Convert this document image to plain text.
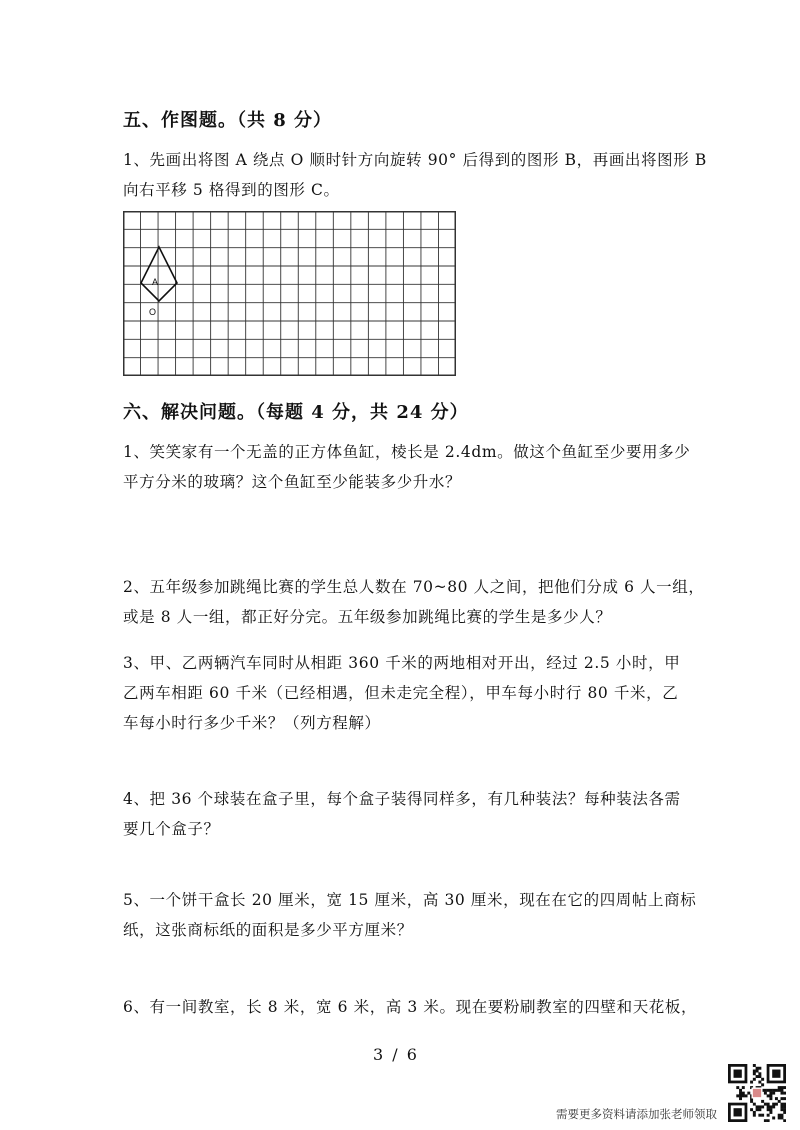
五、作图题。（共 8 分）
1、先画出将图 A 绕点 O 顺时针方向旋转 90° 后得到的图形 B，再画出将图形 B
向右平移 5 格得到的图形 C。
A
O
六、解决问题。（每题 4 分，共 24 分）
1、笑笑家有一个无盖的正方体鱼缸，棱长是 2.4dm。做这个鱼缸至少要用多少
平方分米的玻璃？这个鱼缸至少能装多少升水？
2、五年级参加跳绳比赛的学生总人数在 70~80 人之间，把他们分成 6 人一组，
或是 8 人一组，都正好分完。五年级参加跳绳比赛的学生是多少人？
3、甲、乙两辆汽车同时从相距 360 千米的两地相对开出，经过 2.5 小时，甲
乙两车相距 60 千米（已经相遇，但未走完全程），甲车每小时行 80 千米，乙
车每小时行多少千米？（列方程解）
4、把 36 个球装在盒子里，每个盒子装得同样多，有几种装法？每种装法各需
要几个盒子？
5、一个饼干盒长 20 厘米，宽 15 厘米，高 30 厘米，现在在它的四周帖上商标
纸，这张商标纸的面积是多少平方厘米？
6、有一间教室，长 8 米，宽 6 米，高 3 米。现在要粉刷教室的四壁和天花板，
3 / 6
需要更多资料请添加张老师领取
